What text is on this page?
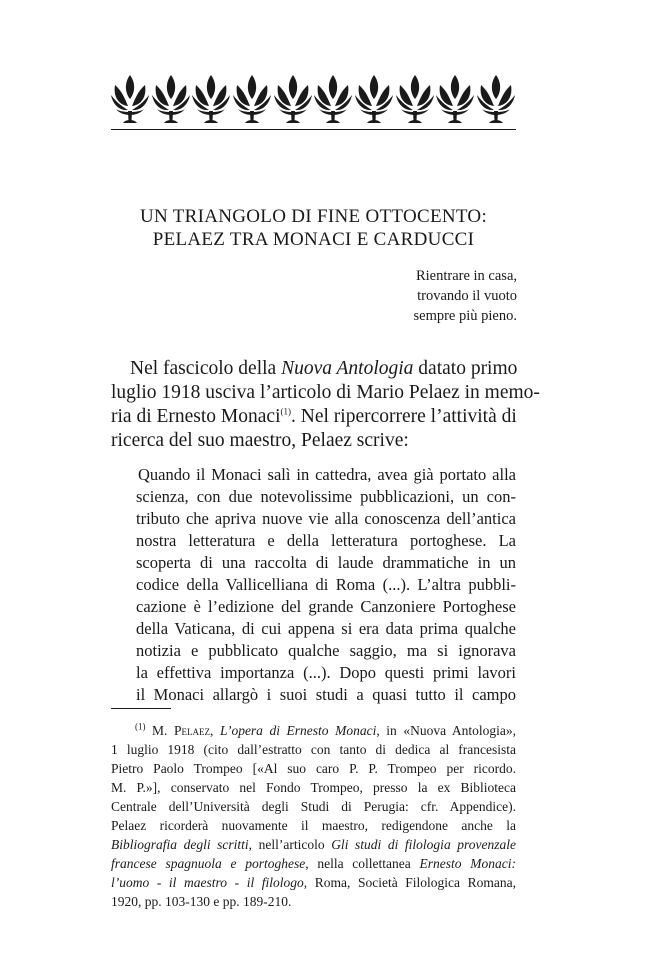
UN TRIANGOLO DI FINE OTTOCENTO:
PELAEZ TRA MONACI E CARDUCCI
Rientrare in casa,
trovando il vuoto
sempre più pieno.
Nel fascicolo della Nuova Antologia datato primo
luglio 1918 usciva l’articolo di Mario Pelaez in memo-
ria di Ernesto Monaci$^{(1)}$. Nel ripercorrere l’attività di
ricerca del suo maestro, Pelaez scrive:
Quando il Monaci salì in cattedra, avea già portato alla
scienza, con due notevolissime pubblicazioni, un con-
tributo che apriva nuove vie alla conoscenza dell’antica
nostra letteratura e della letteratura portoghese. La
scoperta di una raccolta di laude drammatiche in un
codice della Vallicelliana di Roma (...). L’altra pubbli-
cazione è l’edizione del grande Canzoniere Portoghese
della Vaticana, di cui appena si era data prima qualche
notizia e pubblicato qualche saggio, ma si ignorava
la effettiva importanza (...). Dopo questi primi lavori
il Monaci allargò i suoi studi a quasi tutto il campo
$^{(1)}$ M. Pelaez, L’opera di Ernesto Monaci, in «Nuova Antologia»,
1 luglio 1918 (cito dall’estratto con tanto di dedica al francesista
Pietro Paolo Trompeo [«Al suo caro P. P. Trompeo per ricordo.
M. P.»], conservato nel Fondo Trompeo, presso la ex Biblioteca
Centrale dell’Università degli Studi di Perugia: cfr. Appendice).
Pelaez ricorderà nuovamente il maestro, redigendone anche la
Bibliografia degli scritti, nell’articolo Gli studi di filologia provenzale
francese spagnuola e portoghese, nella collettanea Ernesto Monaci:
l’uomo - il maestro - il filologo, Roma, Società Filologica Romana,
1920, pp. 103-130 e pp. 189-210.
